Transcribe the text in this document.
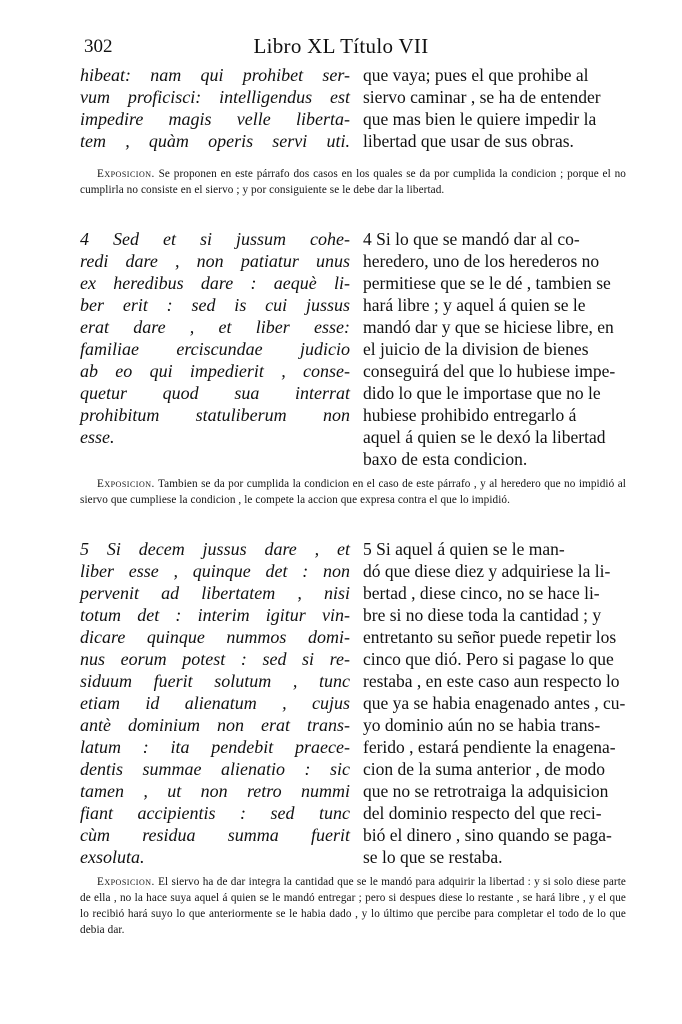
302	Libro XL Título VII
hibeat: nam qui prohibet ser-
vum proficisci: intelligendus est
impedire magis velle liberta-
tem , quàm operis servi uti.
que vaya; pues el que prohibe al
siervo caminar , se ha de entender
que mas bien le quiere impedir la
libertad que usar de sus obras.
Exposicion. Se proponen en este párrafo dos casos en los quales se da por cumplida la condicion ; porque el no cumplirla no consiste en el siervo ; y por consiguiente se le debe dar la libertad.
4 Sed et si jussum cohe-
redi dare , non patiatur unus
ex heredibus dare : aequè li-
ber erit : sed is cui jussus
erat dare , et liber esse:
familiae erciscundae judicio
ab eo qui impedierit , conse-
quetur quod sua interrat
prohibitum statuliberum non
esse.
4 Si lo que se mandó dar al co-
heredero, uno de los herederos no
permitiese que se le dé , tambien se
hará libre ; y aquel á quien se le
mandó dar y que se hiciese libre, en
el juicio de la division de bienes
conseguirá del que lo hubiese impe-
dido lo que le importase que no le
hubiese prohibido entregarlo á
aquel á quien se le dexó la libertad
baxo de esta condicion.
Exposicion. Tambien se da por cumplida la condicion en el caso de este párrafo , y al heredero que no impidió al siervo que cumpliese la condicion , le compete la accion que expresa contra el que lo impidió.
5 Si decem jussus dare , et
liber esse , quinque det : non
pervenit ad libertatem , nisi
totum det : interim igitur vin-
dicare quinque nummos domi-
nus eorum potest : sed si re-
siduum fuerit solutum , tunc
etiam id alienatum , cujus
antè dominium non erat trans-
latum : ita pendebit praece-
dentis summae alienatio : sic
tamen , ut non retro nummi
fiant accipientis : sed tunc
cùm residua summa fuerit
exsoluta.
5 Si aquel á quien se le man-
dó que diese diez y adquiriese la li-
bertad , diese cinco, no se hace li-
bre si no diese toda la cantidad ; y
entretanto su señor puede repetir los
cinco que dió. Pero si pagase lo que
restaba , en este caso aun respecto lo
que ya se habia enagenado antes , cu-
yo dominio aún no se habia trans-
ferido , estará pendiente la enagena-
cion de la suma anterior , de modo
que no se retrotraiga la adquisicion
del dominio respecto del que reci-
bió el dinero , sino quando se paga-
se lo que se restaba.
Exposicion. El siervo ha de dar integra la cantidad que se le mandó para adquirir la libertad : y si solo diese parte de ella , no la hace suya aquel á quien se le mandó entregar ; pero si despues diese lo restante , se hará libre , y el que lo recibió hará suyo lo que anteriormente se le habia dado , y lo último que percibe para completar el todo de lo que debia dar.
